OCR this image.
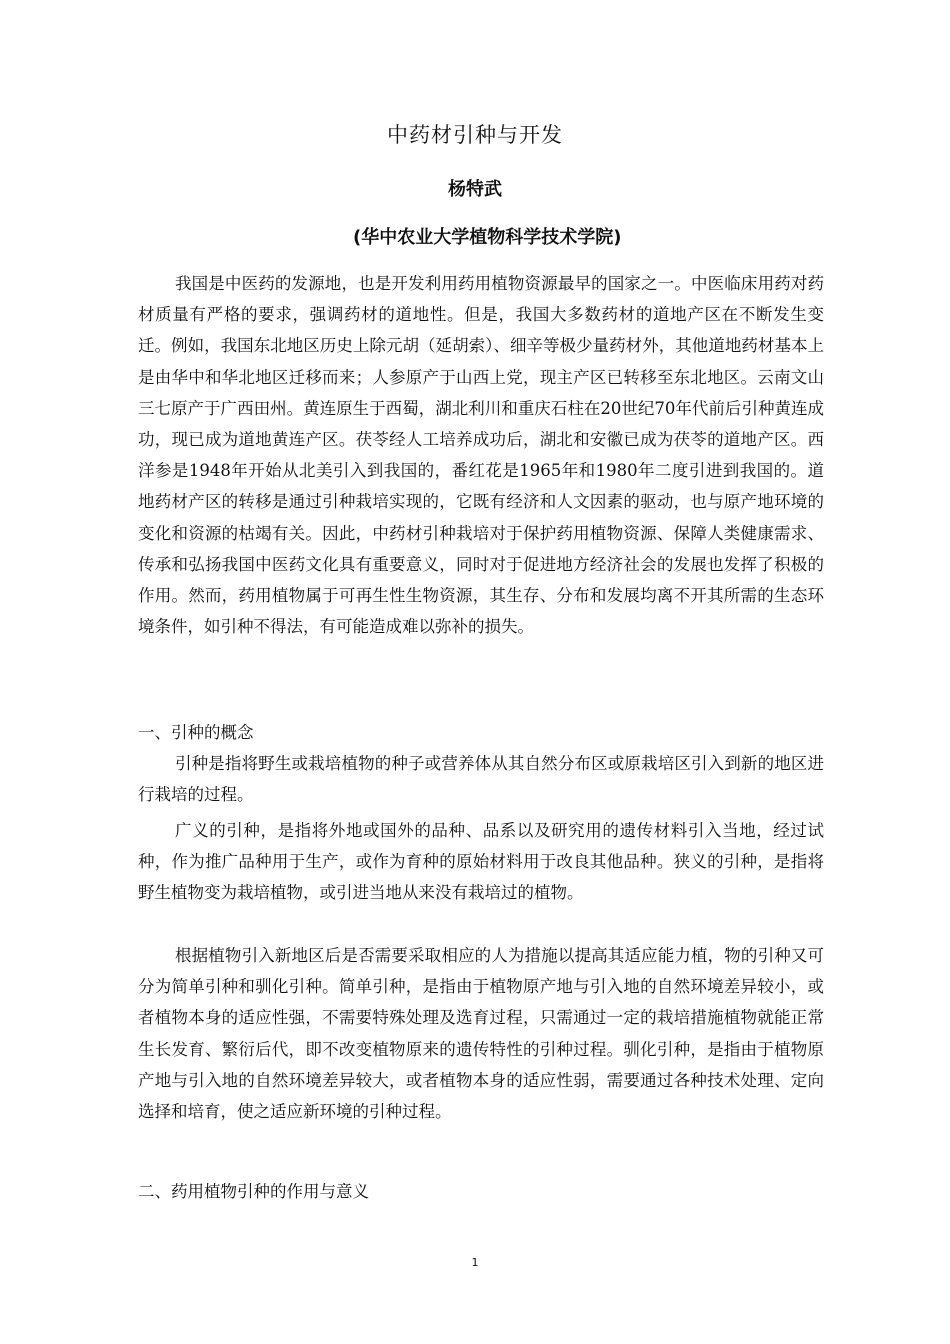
中药材引种与开发
杨特武
(华中农业大学植物科学技术学院)

我国是中医药的发源地，也是开发利用药用植物资源最早的国家之一。中医临床用药对药材质量有严格的要求，强调药材的道地性。但是，我国大多数药材的道地产区在不断发生变迁。例如，我国东北地区历史上除元胡（延胡索）、细辛等极少量药材外，其他道地药材基本上是由华中和华北地区迁移而来；人参原产于山西上党，现主产区已转移至东北地区。云南文山三七原产于广西田州。黄连原生于西蜀，湖北利川和重庆石柱在20世纪70年代前后引种黄连成功，现已成为道地黄连产区。茯苓经人工培养成功后，湖北和安徽已成为茯苓的道地产区。西洋参是1948年开始从北美引入到我国的，番红花是1965年和1980年二度引进到我国的。道地药材产区的转移是通过引种栽培实现的，它既有经济和人文因素的驱动，也与原产地环境的变化和资源的枯竭有关。因此，中药材引种栽培对于保护药用植物资源、保障人类健康需求、传承和弘扬我国中医药文化具有重要意义，同时对于促进地方经济社会的发展也发挥了积极的作用。然而，药用植物属于可再生性生物资源，其生存、分布和发展均离不开其所需的生态环境条件，如引种不得法，有可能造成难以弥补的损失。

一、引种的概念

引种是指将野生或栽培植物的种子或营养体从其自然分布区或原栽培区引入到新的地区进行栽培的过程。

广义的引种，是指将外地或国外的品种、品系以及研究用的遗传材料引入当地，经过试种，作为推广品种用于生产，或作为育种的原始材料用于改良其他品种。狭义的引种，是指将野生植物变为栽培植物，或引进当地从来没有栽培过的植物。

根据植物引入新地区后是否需要采取相应的人为措施以提高其适应能力植，物的引种又可分为简单引种和驯化引种。简单引种，是指由于植物原产地与引入地的自然环境差异较小，或者植物本身的适应性强，不需要特殊处理及选育过程，只需通过一定的栽培措施植物就能正常生长发育、繁衍后代，即不改变植物原来的遗传特性的引种过程。驯化引种，是指由于植物原产地与引入地的自然环境差异较大，或者植物本身的适应性弱，需要通过各种技术处理、定向选择和培育，使之适应新环境的引种过程。

二、药用植物引种的作用与意义
1
